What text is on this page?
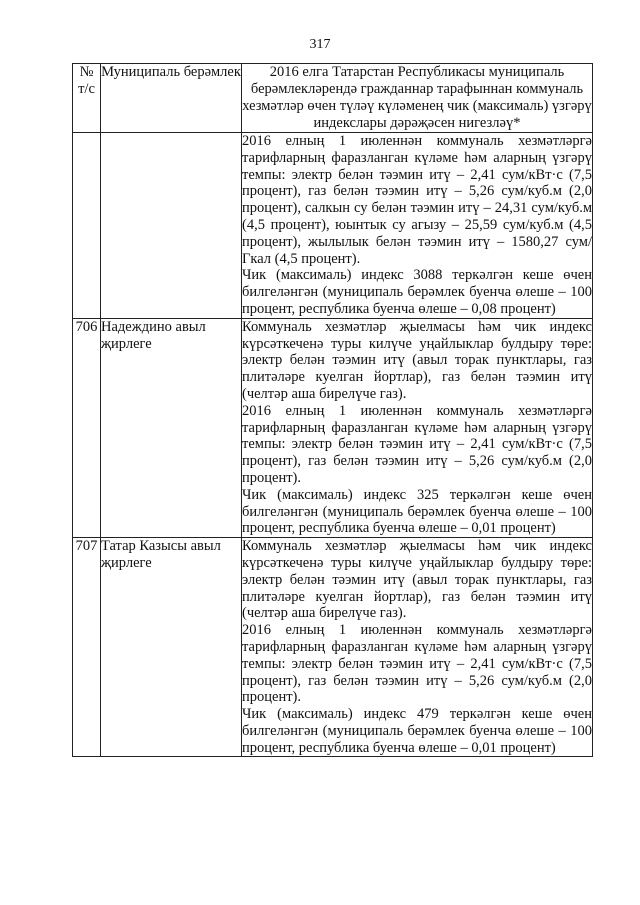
317
№ т/с	Муниципаль берәмлек	2016 елга Татарстан Республикасы муниципаль берәмлекләрендә гражданнар тарафыннан коммуналь хезмәтләр өчен түләү күләменең чик (максималь) үзгәрү индекслары дәрәҗәсен нигезләү*

		2016 елның 1 июленнән коммуналь хезмәтләргә тарифларның фаразланган күләме һәм аларның үзгәрү темпы: электр белән тәэмин итү – 2,41 сум/кВт·с (7,5 процент), газ белән тәэмин итү – 5,26 сум/куб.м (2,0 процент), салкын су белән тәэмин итү – 24,31 сум/куб.м (4,5 процент), юынтык су агызу – 25,59 сум/куб.м (4,5 процент), жылылык белән тәэмин итү – 1580,27 сум/Гкал (4,5 процент).

Чик (максималь) индекс 3088 теркәлгән кеше өчен билгеләнгән (муниципаль берәмлек буенча өлеше – 100 процент, республика буенча өлеше – 0,08 процент)

706	Надеждино авыл җирлеге	Коммуналь хезмәтләр җыелмасы һәм чик индекс күрсәткеченә туры килүче уңайлыклар булдыру төре: электр белән тәэмин итү (авыл торак пунктлары, газ плитәләре куелган йортлар), газ белән тәэмин итү (челтәр аша бирелүче газ).

2016 елның 1 июленнән коммуналь хезмәтләргә тарифларның фаразланган күләме һәм аларның үзгәрү темпы: электр белән тәэмин итү – 2,41 сум/кВт·с (7,5 процент), газ белән тәэмин итү – 5,26 сум/куб.м (2,0 процент).

Чик (максималь) индекс 325 теркәлгән кеше өчен билгеләнгән (муниципаль берәмлек буенча өлеше – 100 процент, республика буенча өлеше – 0,01 процент)

707	Татар Казысы авыл җирлеге	Коммуналь хезмәтләр җыелмасы һәм чик индекс күрсәткеченә туры килүче уңайлыклар булдыру төре: электр белән тәэмин итү (авыл торак пунктлары, газ плитәләре куелган йортлар), газ белән тәэмин итү (челтәр аша бирелүче газ).

2016 елның 1 июленнән коммуналь хезмәтләргә тарифларның фаразланган күләме һәм аларның үзгәрү темпы: электр белән тәэмин итү – 2,41 сум/кВт·с (7,5 процент), газ белән тәэмин итү – 5,26 сум/куб.м (2,0 процент).

Чик (максималь) индекс 479 теркәлгән кеше өчен билгеләнгән (муниципаль берәмлек буенча өлеше – 100 процент, республика буенча өлеше – 0,01 процент)
